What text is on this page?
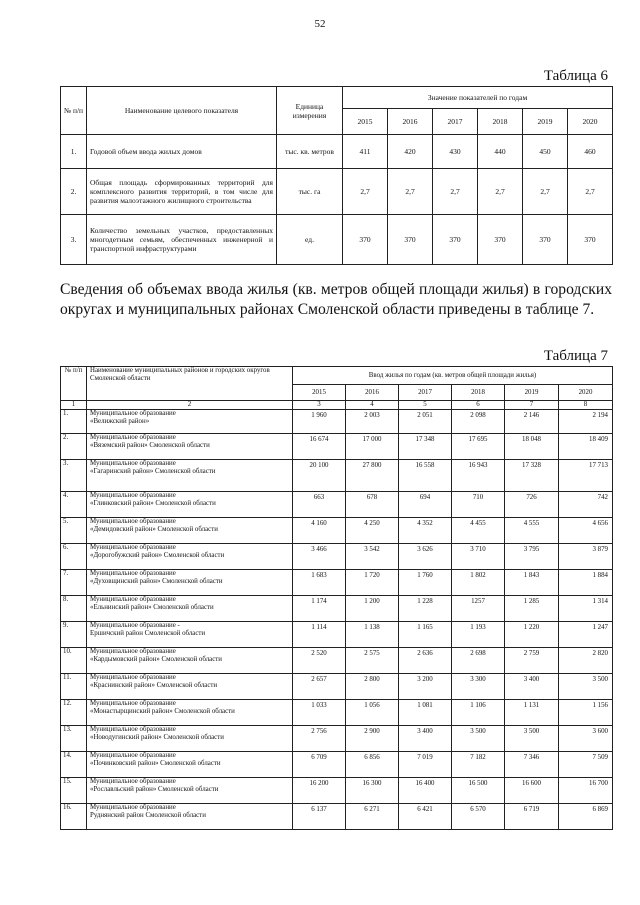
52
Таблица 6
№ п/п	Наименование целевого показателя	Единица измерения	Значение показателей по годам					
			2015	2016	2017	2018	2019	2020
1.	Годовой объем ввода жилых домов	тыс. кв. метров	411	420	430	440	450	460
2.	Общая площадь сформированных территорий для комплексного развития территорий, в том числе для развития малоэтажного жилищного строительства	тыс. га	2,7	2,7	2,7	2,7	2,7	2,7
3.	Количество земельных участков, предоставленных многодетным семьям, обеспеченных инженерной и транспортной инфраструктурами	ед.	370	370	370	370	370	370
Сведения об объемах ввода жилья (кв. метров общей площади жилья) в городских округах и муниципальных районах Смоленской области приведены в таблице 7.
Таблица 7
№ п/п	Наименование муниципальных районов и городских округов Смоленской области	Ввод жилья по годам (кв. метров общей площади жилья)					
		2015	2016	2017	2018	2019	2020
1	2	3	4	5	6	7	8
1.	Муниципальное образование
«Велижский район»	1 960	2 003	2 051	2 098	2 146	2 194
2.	Муниципальное образование
«Вяземский район» Смоленской области	16 674	17 000	17 348	17 695	18 048	18 409
3.	Муниципальное образование
«Гагаринский район» Смоленской области	20 100	27 800	16 558	16 943	17 328	17 713
4.	Муниципальное образование
«Глинковский район» Смоленской области	663	678	694	710	726	742
5.	Муниципальное образование
«Демидовский район» Смоленской области	4 160	4 250	4 352	4 455	4 555	4 656
6.	Муниципальное образование
«Дорогобужский район» Смоленской области	3 466	3 542	3 626	3 710	3 795	3 879
7.	Муниципальное образование
«Духовщинский район» Смоленской области	1 683	1 720	1 760	1 802	1 843	1 884
8.	Муниципальное образование
«Ельнинский район» Смоленской области	1 174	1 200	1 228	1257	1 285	1 314
9.	Муниципальное образование -
Ершичский район Смоленской области	1 114	1 138	1 165	1 193	1 220	1 247
10.	Муниципальное образование
«Кардымовский район» Смоленской области	2 520	2 575	2 636	2 698	2 759	2 820
11.	Муниципальное образование
«Краснинский район» Смоленской области	2 657	2 800	3 200	3 300	3 400	3 500
12.	Муниципальное образование
«Монастырщинский район» Смоленской области	1 033	1 056	1 081	1 106	1 131	1 156
13.	Муниципальное образование
«Новодугинский район» Смоленской области	2 756	2 900	3 400	3 500	3 500	3 600
14.	Муниципальное образование
«Починковский район» Смоленской области	6 709	6 856	7 019	7 182	7 346	7 509
15.	Муниципальное образование
«Рославльский район» Смоленской области	16 200	16 300	16 400	16 500	16 600	16 700
16.	Муниципальное образование
Руднянский район Смоленской области	6 137	6 271	6 421	6 570	6 719	6 869
